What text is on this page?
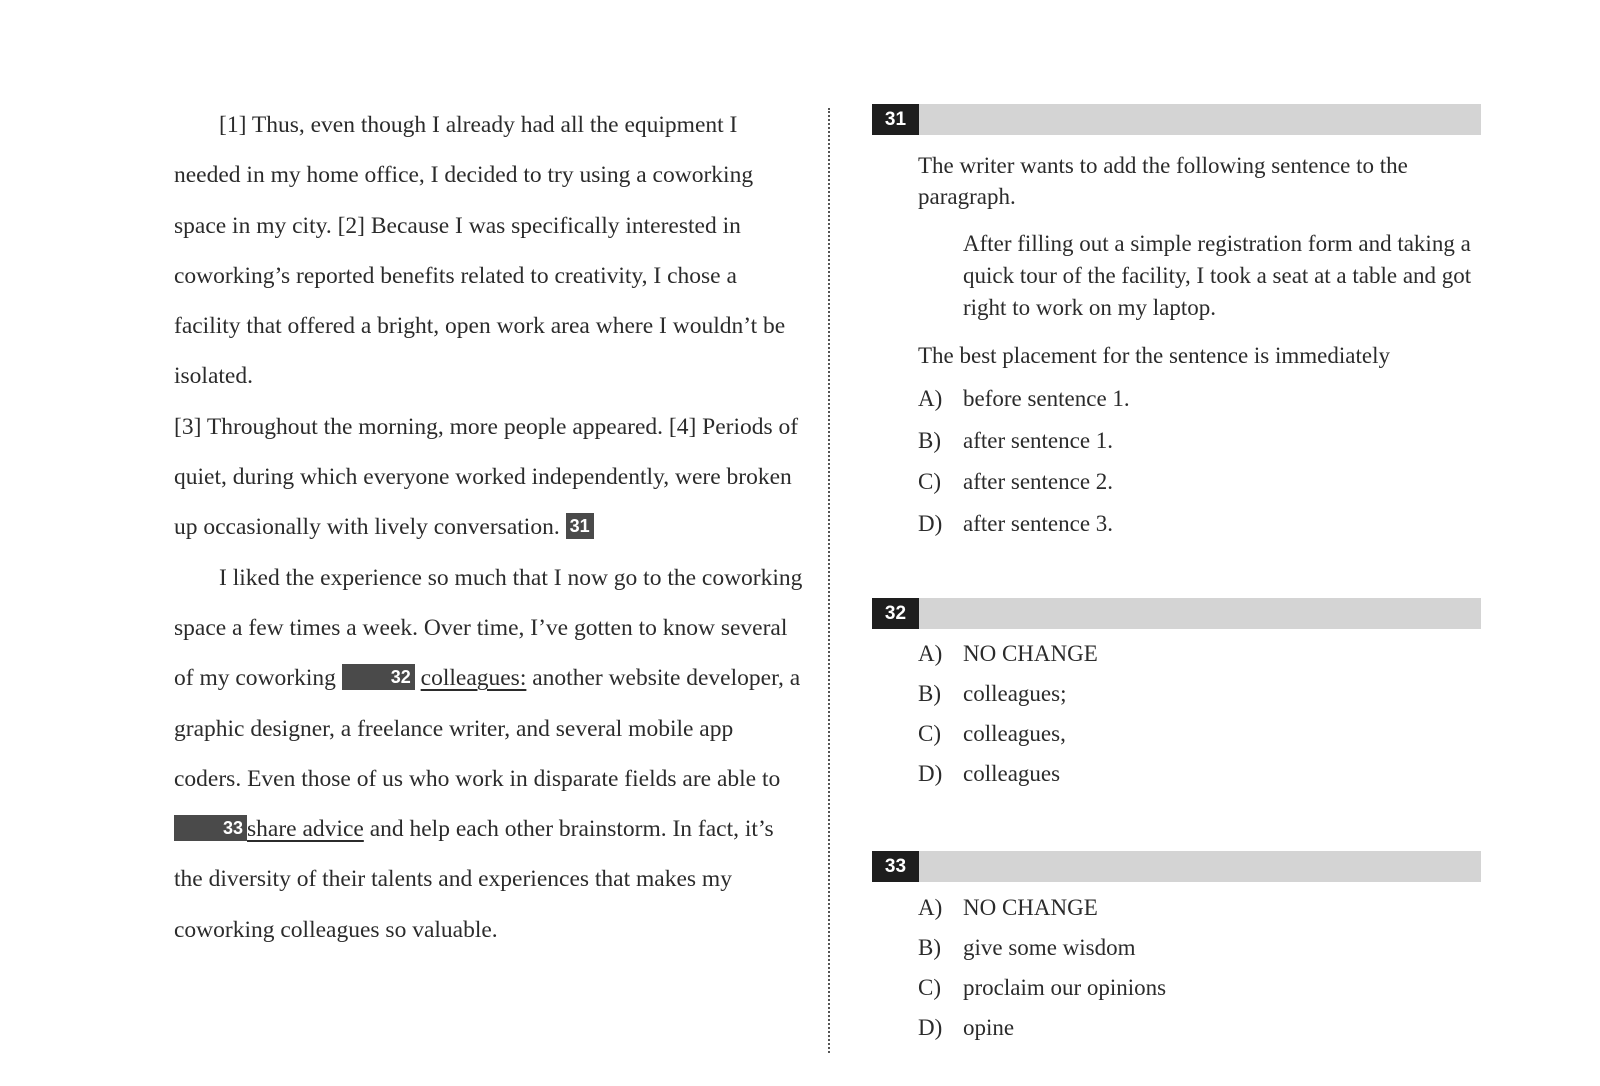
[1] Thus, even though I already had all the equipment I needed in my home office, I decided to try using a coworking space in my city. [2] Because I was specifically interested in coworking’s reported benefits related to creativity, I chose a facility that offered a bright, open work area where I wouldn’t be isolated.

[3] Throughout the morning, more people appeared. [4] Periods of quiet, during which everyone worked independently, were broken up occasionally with lively conversation. 31

I liked the experience so much that I now go to the coworking space a few times a week. Over time, I’ve gotten to know several of my coworking	32 colleagues: another website developer, a graphic designer, a freelance writer, and several mobile app coders. Even those of us who work in disparate fields are able to 33 share advice and help each other brainstorm. In fact, it’s the diversity of their talents and experiences that makes my coworking colleagues so valuable.

31

The writer wants to add the following sentence to the paragraph.

After filling out a simple registration form and taking a quick tour of the facility, I took a seat at a table and got right to work on my laptop.

The best placement for the sentence is immediately

A) before sentence 1.
B) after sentence 1.
C) after sentence 2.
D) after sentence 3.
32
A) NO CHANGE
B) colleagues;
C) colleagues,
D) colleagues
33
A) NO CHANGE
B) give some wisdom
C) proclaim our opinions
D) opine
